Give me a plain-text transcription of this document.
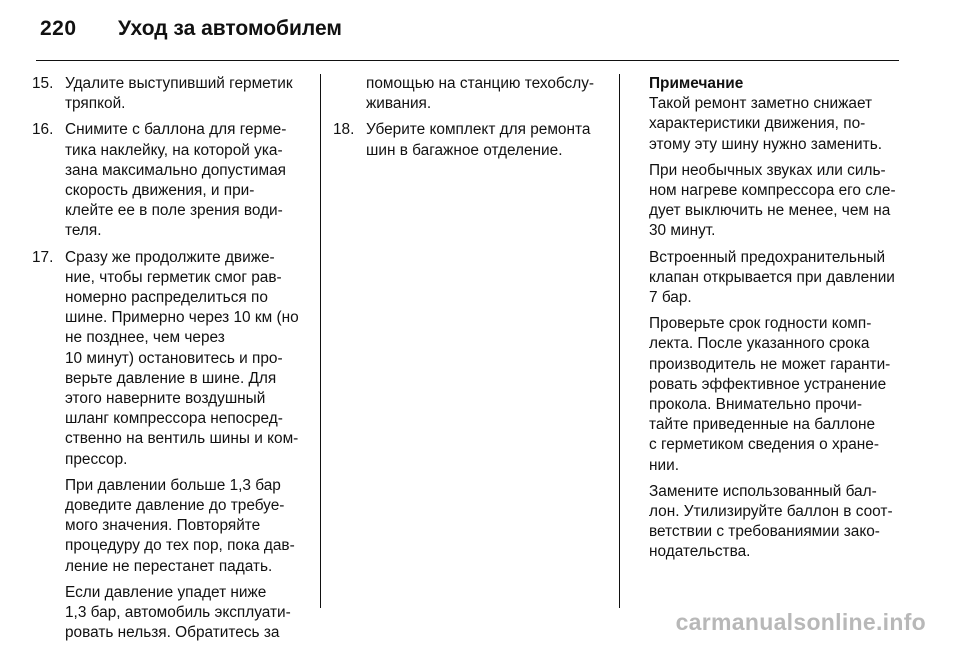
220 Уход за автомобилем
15. Удалите выступивший герметик
тряпкой.
16. Снимите с баллона для герме-
тика наклейку, на которой ука-
зана максимально допустимая
скорость движения, и при-
клейте ее в поле зрения води-
теля.
17. Сразу же продолжите движе-
ние, чтобы герметик смог рав-
номерно распределиться по
шине. Примерно через 10 км (но
не позднее, чем через
10 минут) остановитесь и про-
верьте давление в шине. Для
этого наверните воздушный
шланг компрессора непосред-
ственно на вентиль шины и ком-
прессор.
При давлении больше 1,3 бар
доведите давление до требуе-
мого значения. Повторяйте
процедуру до тех пор, пока дав-
ление не перестанет падать.
Если давление упадет ниже
1,3 бар, автомобиль эксплуати-
ровать нельзя. Обратитесь за
помощью на станцию техобслу-
живания.
18. Уберите комплект для ремонта
шин в багажное отделение.
Примечание
Такой ремонт заметно снижает
характеристики движения, по-
этому эту шину нужно заменить.
При необычных звуках или силь-
ном нагреве компрессора его сле-
дует выключить не менее, чем на
30 минут.
Встроенный предохранительный
клапан открывается при давлении
7 бар.
Проверьте срок годности комп-
лекта. После указанного срока
производитель не может гаранти-
ровать эффективное устранение
прокола. Внимательно прочи-
тайте приведенные на баллоне
с герметиком сведения о хране-
нии.
Замените использованный бал-
лон. Утилизируйте баллон в соот-
ветствии с требованиямии зако-
нодательства.
carmanualsonline.info
